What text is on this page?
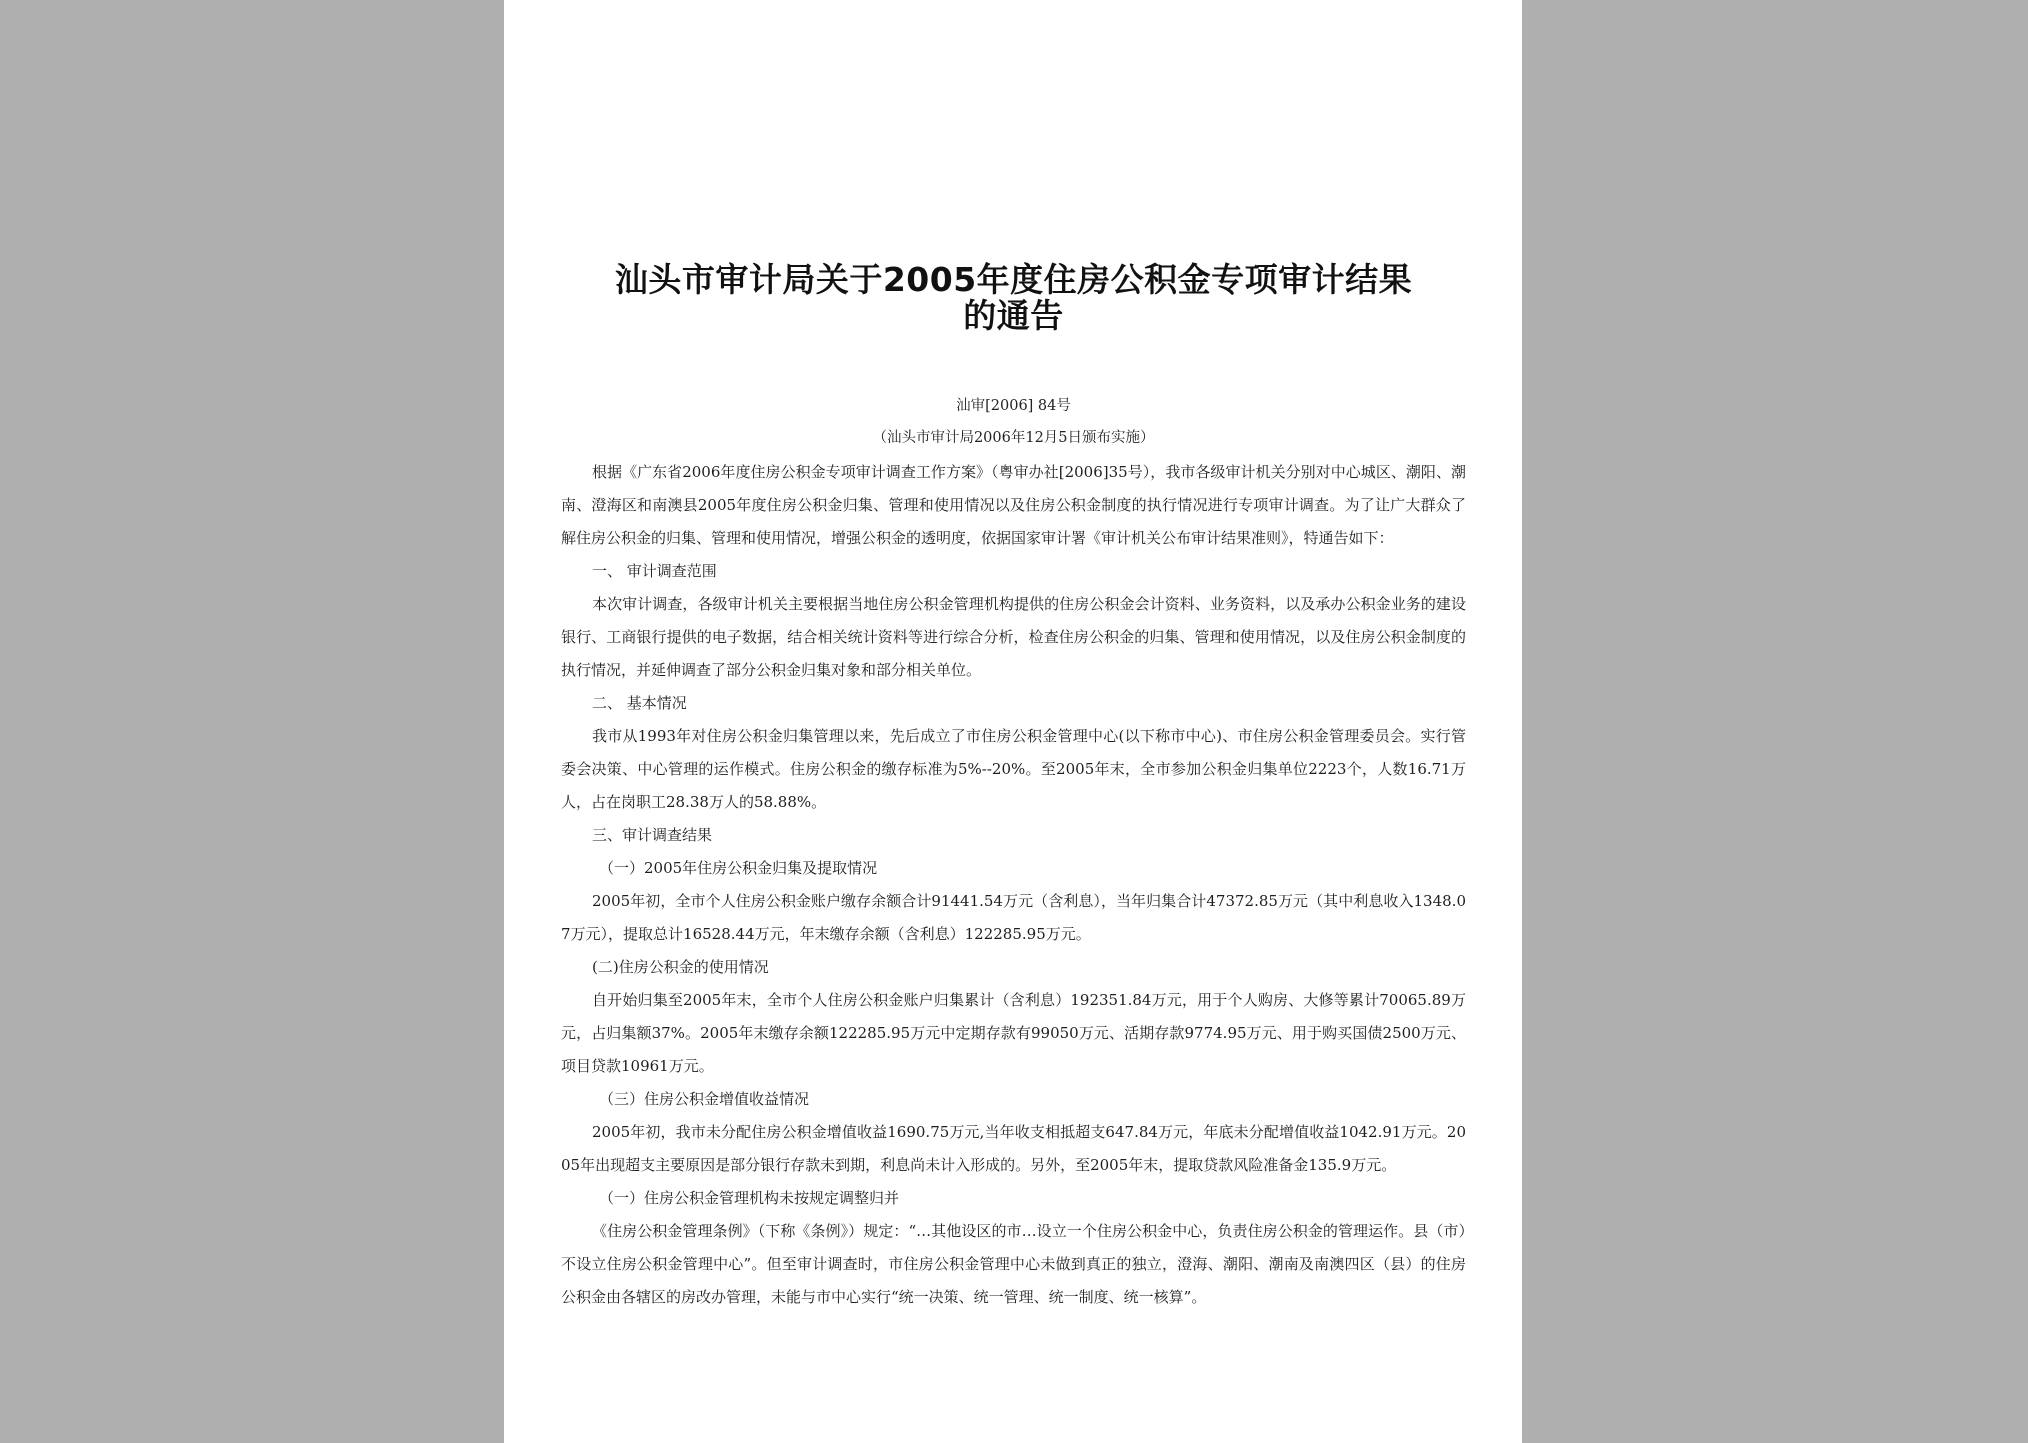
汕头市审计局关于2005年度住房公积金专项审计结果
的通告

汕审[2006] 84号

（汕头市审计局2006年12月5日颁布实施）

根据《广东省2006年度住房公积金专项审计调查工作方案》（粤审办社[2006]35号），我市各级审计机关分别对中心城区、潮阳、潮南、澄海区和南澳县2005年度住房公积金归集、管理和使用情况以及住房公积金制度的执行情况进行专项审计调查。为了让广大群众了解住房公积金的归集、管理和使用情况，增强公积金的透明度，依据国家审计署《审计机关公布审计结果准则》，特通告如下：

一、 审计调查范围

本次审计调查，各级审计机关主要根据当地住房公积金管理机构提供的住房公积金会计资料、业务资料，以及承办公积金业务的建设银行、工商银行提供的电子数据，结合相关统计资料等进行综合分析，检查住房公积金的归集、管理和使用情况，以及住房公积金制度的执行情况，并延伸调查了部分公积金归集对象和部分相关单位。

二、 基本情况

我市从1993年对住房公积金归集管理以来，先后成立了市住房公积金管理中心(以下称市中心)、市住房公积金管理委员会。实行管委会决策、中心管理的运作模式。住房公积金的缴存标准为5%--20%。至2005年末，全市参加公积金归集单位2223个，人数16.71万人，占在岗职工28.38万人的58.88%。

三、审计调查结果

（一）2005年住房公积金归集及提取情况

2005年初，全市个人住房公积金账户缴存余额合计91441.54万元（含利息），当年归集合计47372.85万元（其中利息收入1348.07万元），提取总计16528.44万元，年末缴存余额（含利息）122285.95万元。

(二)住房公积金的使用情况

自开始归集至2005年末，全市个人住房公积金账户归集累计（含利息）192351.84万元，用于个人购房、大修等累计70065.89万元，占归集额37%。2005年末缴存余额122285.95万元中定期存款有99050万元、活期存款9774.95万元、用于购买国债2500万元、项目贷款10961万元。

（三）住房公积金增值收益情况

2005年初，我市未分配住房公积金增值收益1690.75万元,当年收支相抵超支647.84万元，年底未分配增值收益1042.91万元。2005年出现超支主要原因是部分银行存款未到期，利息尚未计入形成的。另外，至2005年末，提取贷款风险准备金135.9万元。

（一）住房公积金管理机构未按规定调整归并

《住房公积金管理条例》（下称《条例》）规定：“…其他设区的市…设立一个住房公积金中心，负责住房公积金的管理运作。县（市）不设立住房公积金管理中心”。但至审计调查时，市住房公积金管理中心未做到真正的独立，澄海、潮阳、潮南及南澳四区（县）的住房公积金由各辖区的房改办管理，未能与市中心实行“统一决策、统一管理、统一制度、统一核算”。
